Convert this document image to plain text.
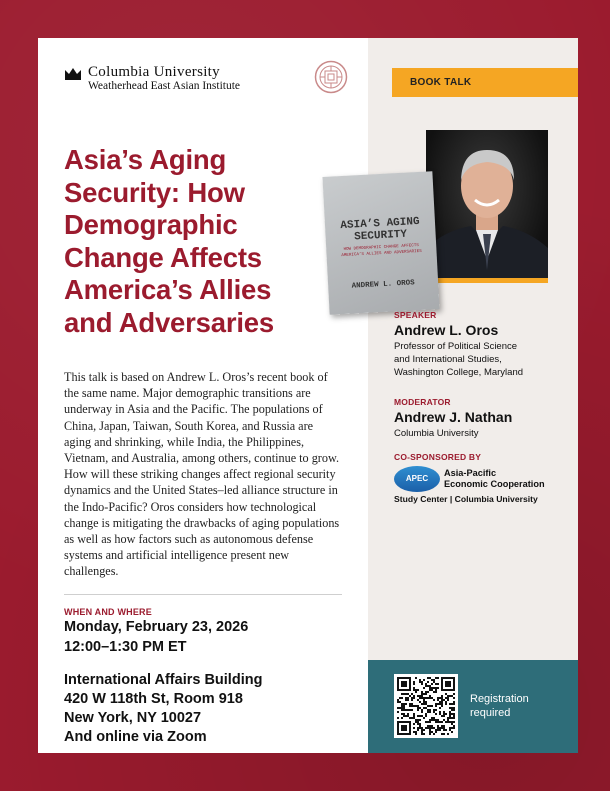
Columbia University
Weatherhead East Asian Institute
Asia’s Aging
Security: How
Demographic
Change Affects
America’s Allies
and Adversaries

This talk is based on Andrew L. Oros’s recent book of the same name. Major demographic transitions are underway in Asia and the Pacific. The populations of China, Japan, Taiwan, South Korea, and Russia are aging and shrinking, while India, the Philippines, Vietnam, and Australia, among others, continue to grow. How will these striking changes affect regional security dynamics and the United States–led alliance structure in the Indo-Pacific? Oros considers how technological change is mitigating the drawbacks of aging populations as well as how factors such as autonomous defense systems and artificial intelligence present new challenges.

WHEN AND WHERE
Monday, February 23, 2026
12:00–1:30 PM ET
International Affairs Building
420 W 118th St, Room 918
New York, NY 10027
And online via Zoom
BOOK TALK
ASIA’S AGING
SECURITY
HOW DEMOGRAPHIC CHANGE AFFECTS AMERICA’S ALLIES AND ADVERSARIES
ANDREW L. OROS
SPEAKER
Andrew L. Oros
Professor of Political Science
and International Studies,
Washington College, Maryland
MODERATOR
Andrew J. Nathan
Columbia University
CO-SPONSORED BY
APEC
Asia-Pacific
Economic Cooperation
Study Center | Columbia University
Registration
required
